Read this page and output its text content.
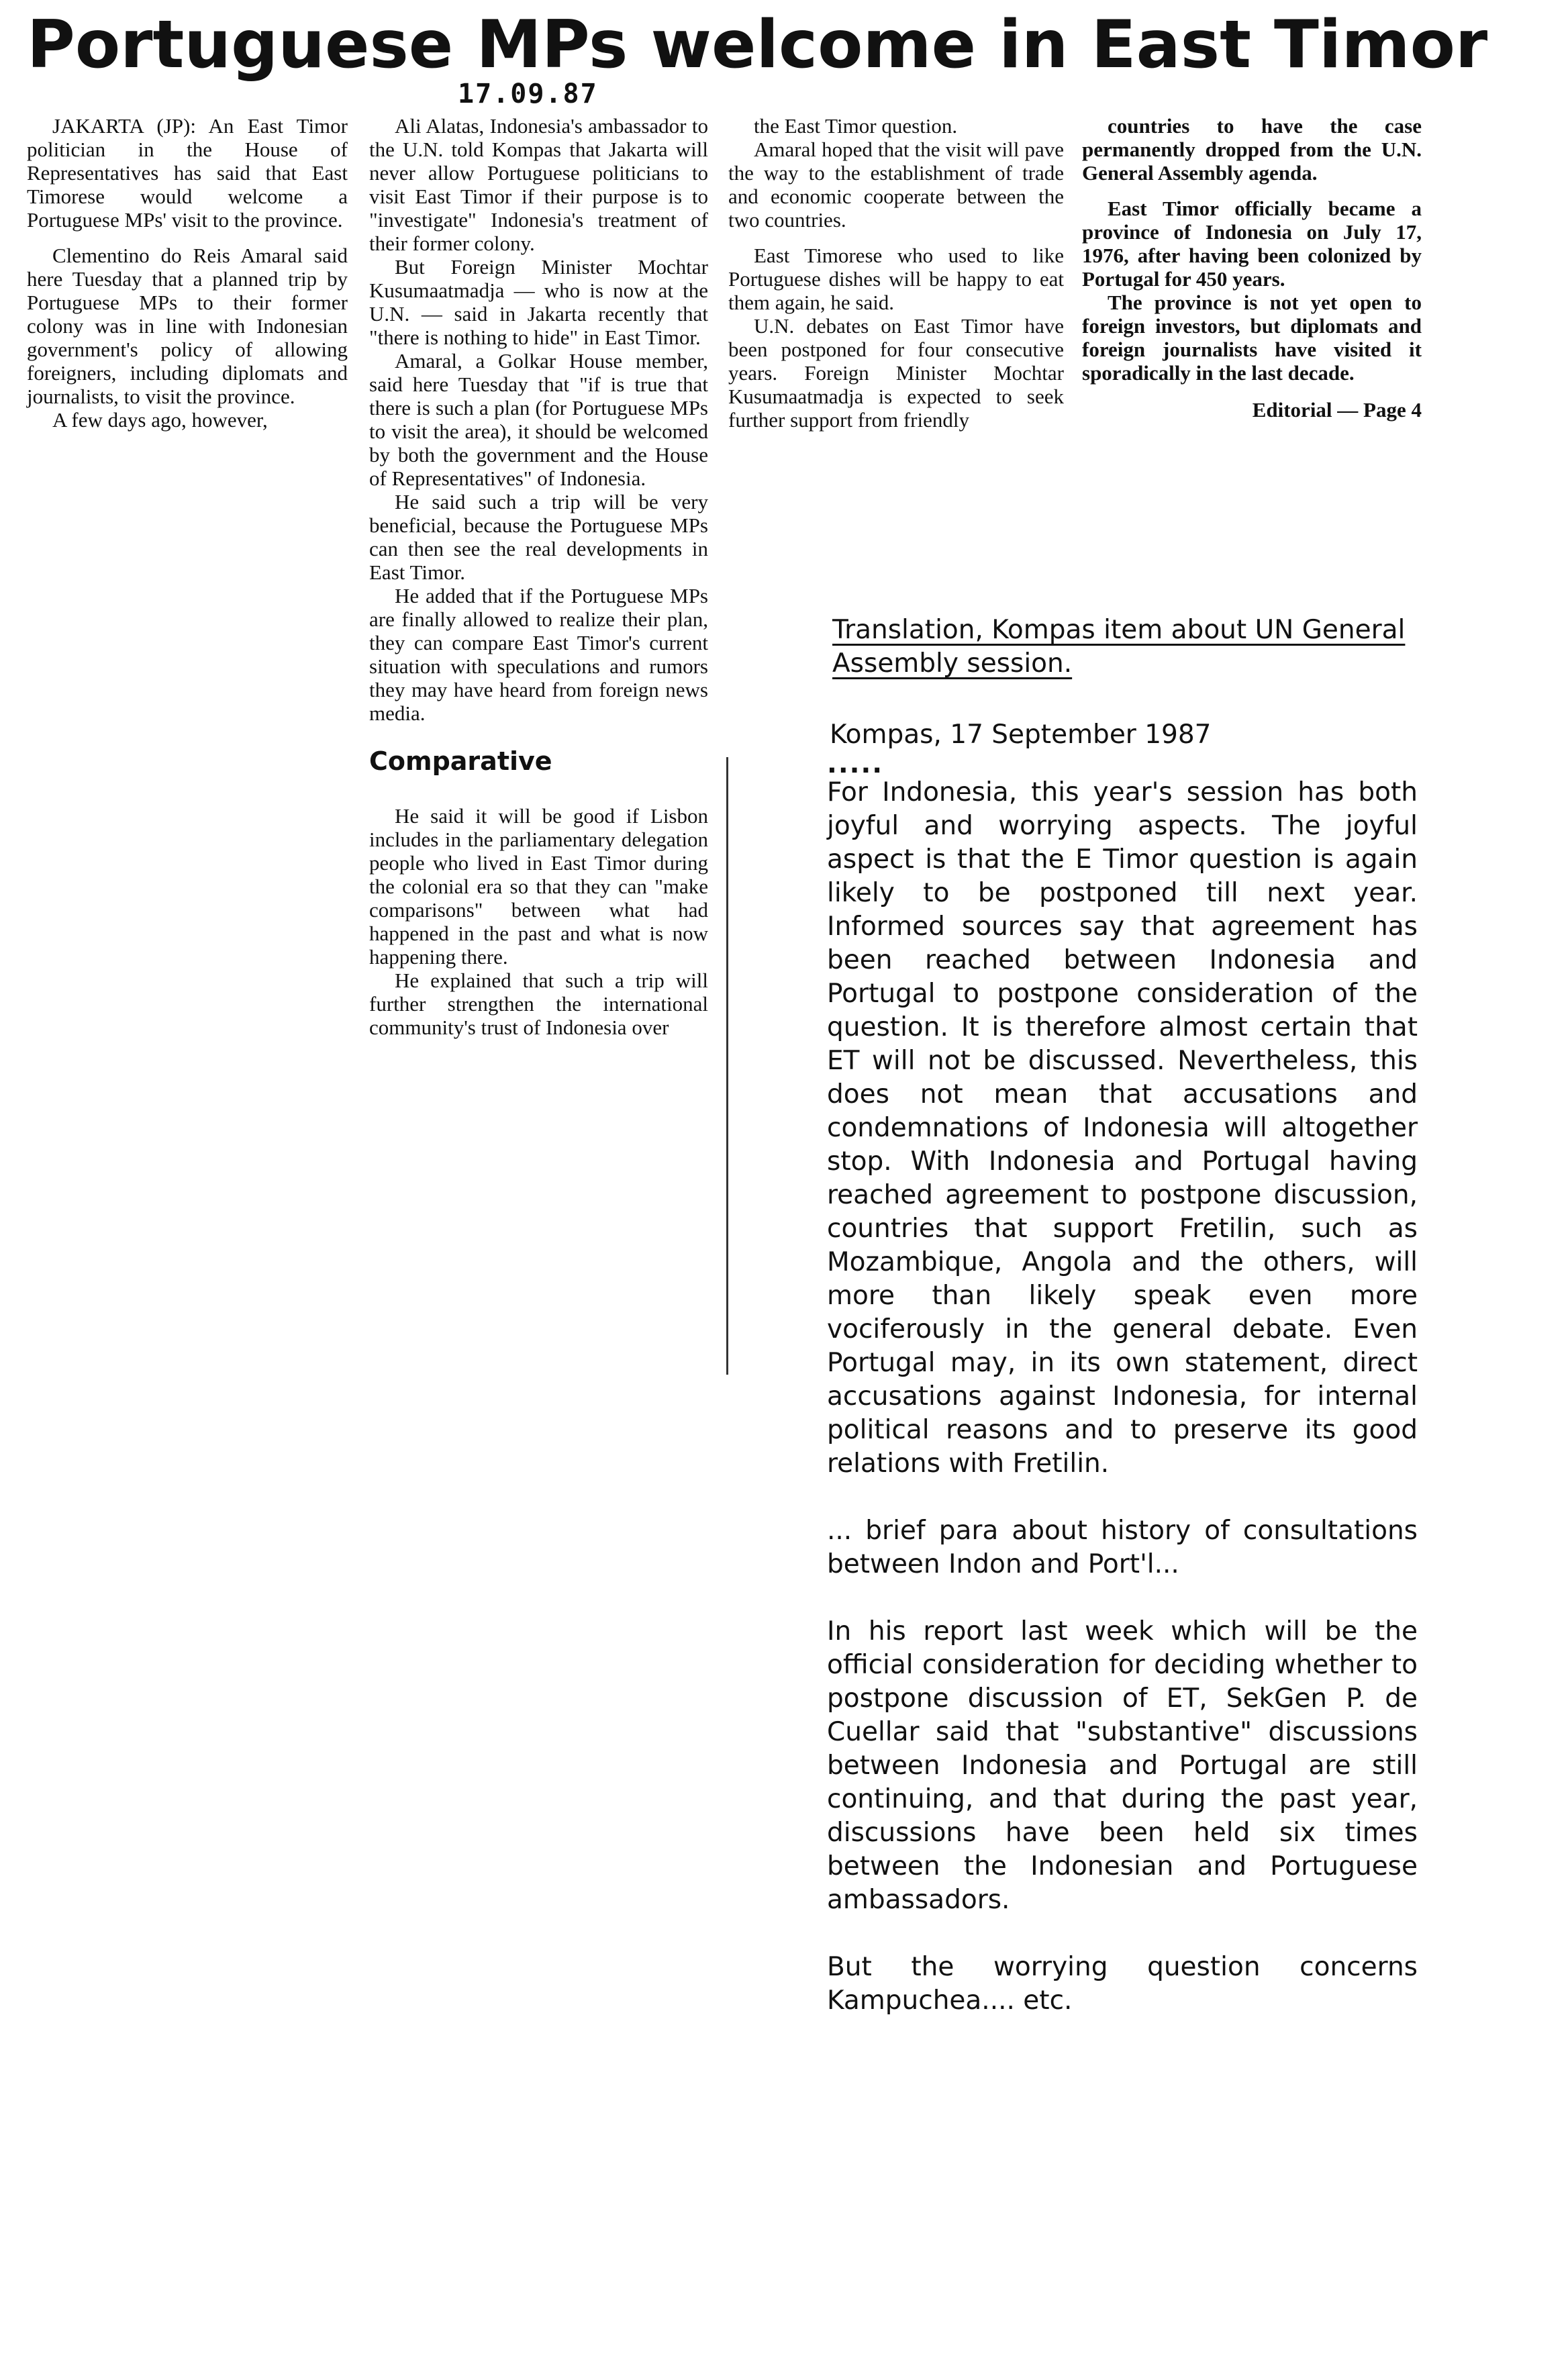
Portuguese MPs welcome in East Timor
17.09.87

JAKARTA (JP): An East Timor politician in the House of Representatives has said that East Timorese would welcome a Portuguese MPs' visit to the province.

Clementino do Reis Amaral said here Tuesday that a planned trip by Portuguese MPs to their former colony was in line with Indonesian government's policy of allowing foreigners, including diplomats and journalists, to visit the province.

A few days ago, however,

Ali Alatas, Indonesia's ambassador to the U.N. told Kompas that Jakarta will never allow Portuguese politicians to visit East Timor if their purpose is to "investigate" Indonesia's treatment of their former colony.

But Foreign Minister Mochtar Kusumaatmadja — who is now at the U.N. — said in Jakarta recently that "there is nothing to hide" in East Timor.

Amaral, a Golkar House member, said here Tuesday that "if is true that there is such a plan (for Portuguese MPs to visit the area), it should be welcomed by both the government and the House of Representatives" of Indonesia.

He said such a trip will be very beneficial, because the Portuguese MPs can then see the real developments in East Timor.

He added that if the Portuguese MPs are finally allowed to realize their plan, they can compare East Timor's current situation with speculations and rumors they may have heard from foreign news media.

Comparative

He said it will be good if Lisbon includes in the parliamentary delegation people who lived in East Timor during the colonial era so that they can "make comparisons" between what had happened in the past and what is now happening there.

He explained that such a trip will further strengthen the international community's trust of Indonesia over

the East Timor question.

Amaral hoped that the visit will pave the way to the establishment of trade and economic cooperate between the two countries.

East Timorese who used to like Portuguese dishes will be happy to eat them again, he said.

U.N. debates on East Timor have been postponed for four consecutive years. Foreign Minister Mochtar Kusumaatmadja is expected to seek further support from friendly

countries to have the case permanently dropped from the U.N. General Assembly agenda.

East Timor officially became a province of Indonesia on July 17, 1976, after having been colonized by Portugal for 450 years.

The province is not yet open to foreign investors, but diplomats and foreign journalists have visited it sporadically in the last decade.

Editorial — Page 4

Translation, Kompas item about UN General Assembly session.
Kompas, 17 September 1987
.....

For Indonesia, this year's session has both joyful and worrying aspects. The joyful aspect is that the E Timor question is again likely to be postponed till next year. Informed sources say that agreement has been reached between Indonesia and Portugal to postpone consideration of the question. It is therefore almost certain that ET will not be discussed. Nevertheless, this does not mean that accusations and condemnations of Indonesia will altogether stop. With Indonesia and Portugal having reached agreement to postpone discussion, countries that support Fretilin, such as Mozambique, Angola and the others, will more than likely speak even more vociferously in the general debate. Even Portugal may, in its own statement, direct accusations against Indonesia, for internal political reasons and to preserve its good relations with Fretilin.

... brief para about history of consultations between Indon and Port'l...

In his report last week which will be the official consideration for deciding whether to postpone discussion of ET, SekGen P. de Cuellar said that "substantive" discussions between Indonesia and Portugal are still continuing, and that during the past year, discussions have been held six times between the Indonesian and Portuguese ambassadors.

But the worrying question concerns Kampuchea.... etc.
